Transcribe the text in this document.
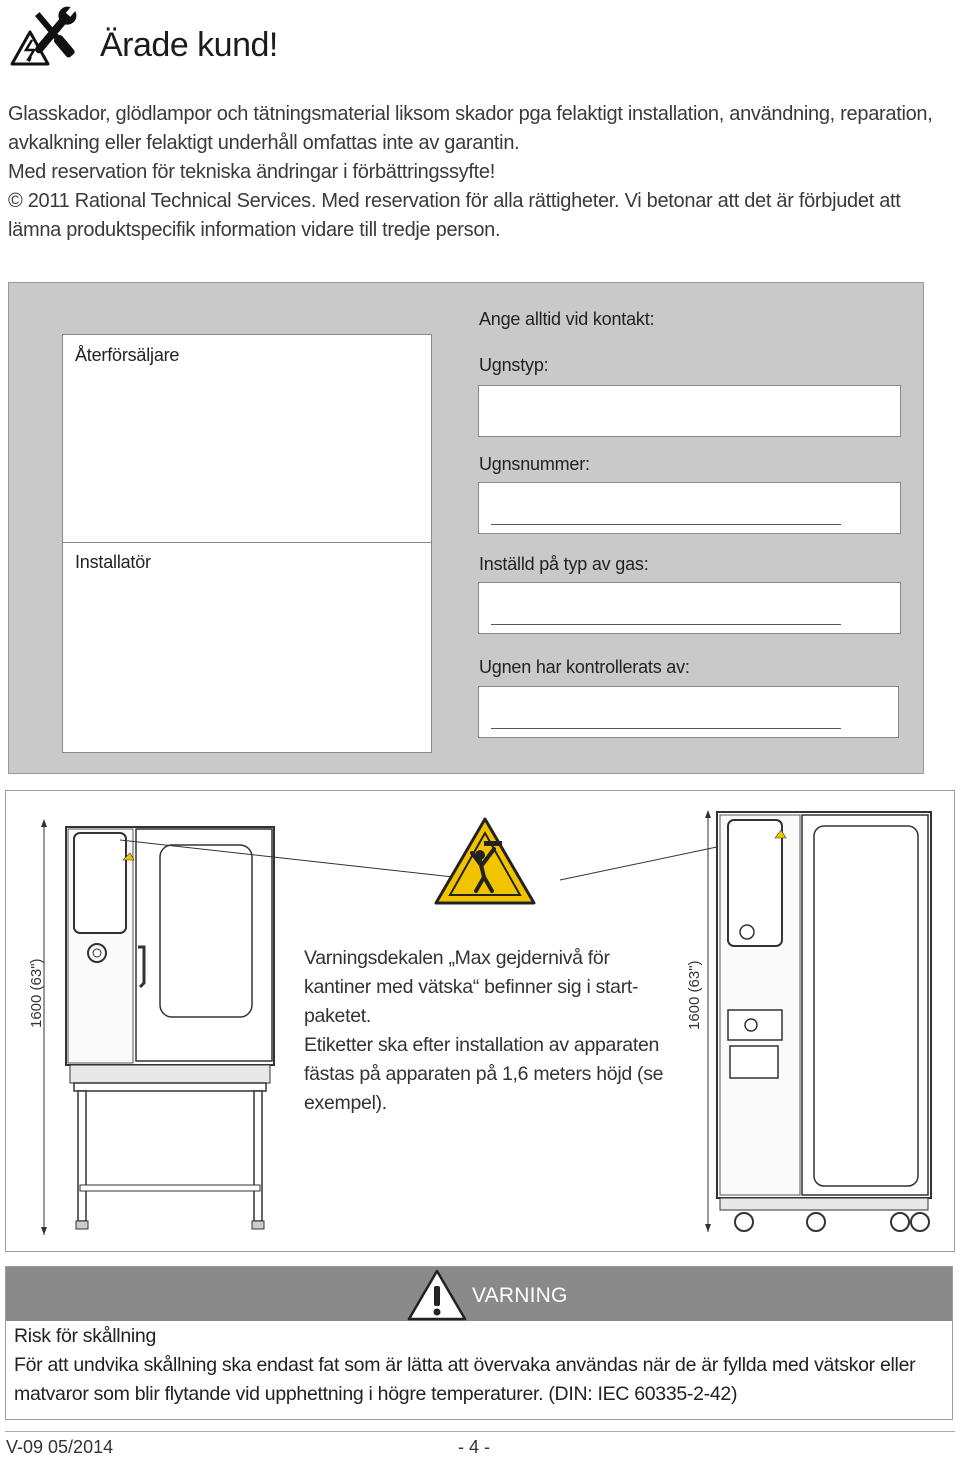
Ärade kund!

Glasskador, glödlampor och tätningsmaterial liksom skador pga felaktigt installation, användning, reparation, avkalkning eller felaktigt underhåll omfattas inte av garantin.

Med reservation för tekniska ändringar i förbättringssyfte!

© 2011 Rational Technical Services. Med reservation för alla rättigheter. Vi betonar att det är förbjudet att lämna produktspecifik information vidare till tredje person.

Återförsäljare
Installatör
Ange alltid vid kontakt:
Ugnstyp:
Ugnsnummer:
Inställd på typ av gas:
Ugnen har kontrollerats av:

Varningsdekalen „Max gejdernivå för kantiner med vätska“ befinner sig i start-paketet.

Etiketter ska efter installation av apparaten fästas på apparaten på 1,6 meters höjd (se exempel).

1600 (63")	1600 (63")
VARNING

Risk för skållning

För att undvika skållning ska endast fat som är lätta att övervaka användas när de är fyllda med vätskor eller matvaror som blir flytande vid upphettning i högre temperaturer. (DIN: IEC 60335-2-42)

V-09 05/2014	- 4 -
